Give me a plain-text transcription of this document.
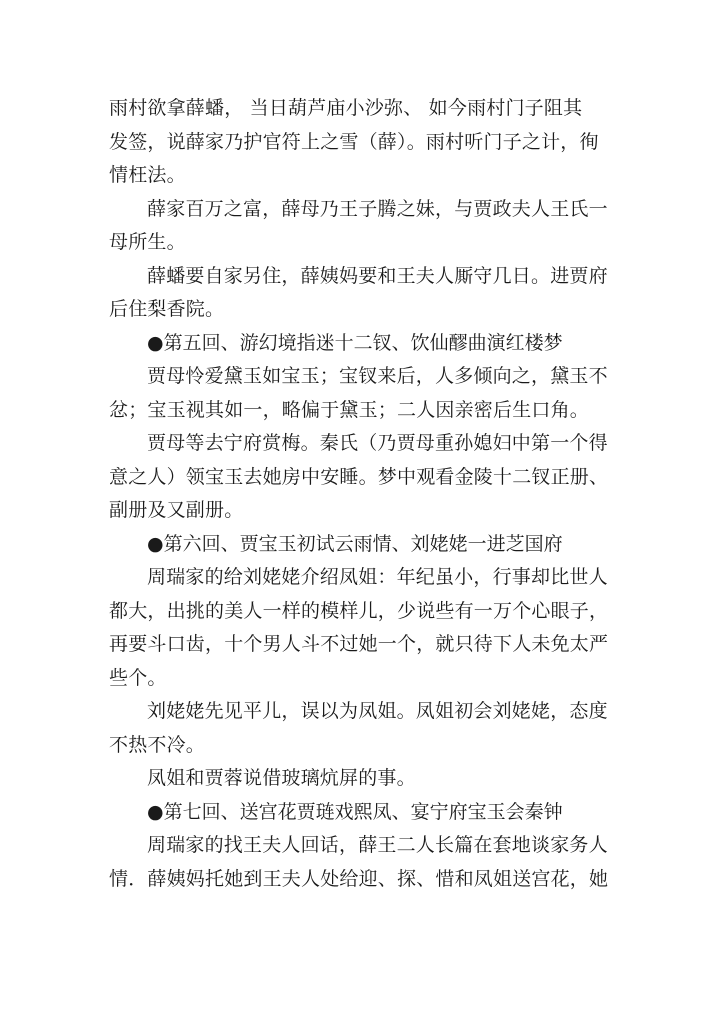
雨村欲拿薛蟠， 当日葫芦庙小沙弥、 如今雨村门子阻其
发签，说薛家乃护官符上之雪（薛）。雨村听门子之计，徇
情枉法。

薛家百万之富，薛母乃王子腾之妹，与贾政夫人王氏一
母所生。

薛蟠要自家另住，薛姨妈要和王夫人厮守几日。进贾府
后住梨香院。

●第五回、游幻境指迷十二钗、饮仙醪曲演红楼梦

贾母怜爱黛玉如宝玉；宝钗来后，人多倾向之，黛玉不
忿；宝玉视其如一，略偏于黛玉；二人因亲密后生口角。

贾母等去宁府赏梅。秦氏（乃贾母重孙媳妇中第一个得
意之人）领宝玉去她房中安睡。梦中观看金陵十二钗正册、
副册及又副册。

●第六回、贾宝玉初试云雨情、刘姥姥一进芝国府

周瑞家的给刘姥姥介绍凤姐：年纪虽小，行事却比世人
都大，出挑的美人一样的模样儿，少说些有一万个心眼子，
再要斗口齿，十个男人斗不过她一个，就只待下人未免太严
些个。

刘姥姥先见平儿，误以为凤姐。凤姐初会刘姥姥，态度
不热不冷。

凤姐和贾蓉说借玻璃炕屏的事。

●第七回、送宫花贾琏戏熙凤、宴宁府宝玉会秦钟

周瑞家的找王夫人回话，薛王二人长篇在套地谈家务人
情．薛姨妈托她到王夫人处给迎、探、惜和凤姐送宫花，她
